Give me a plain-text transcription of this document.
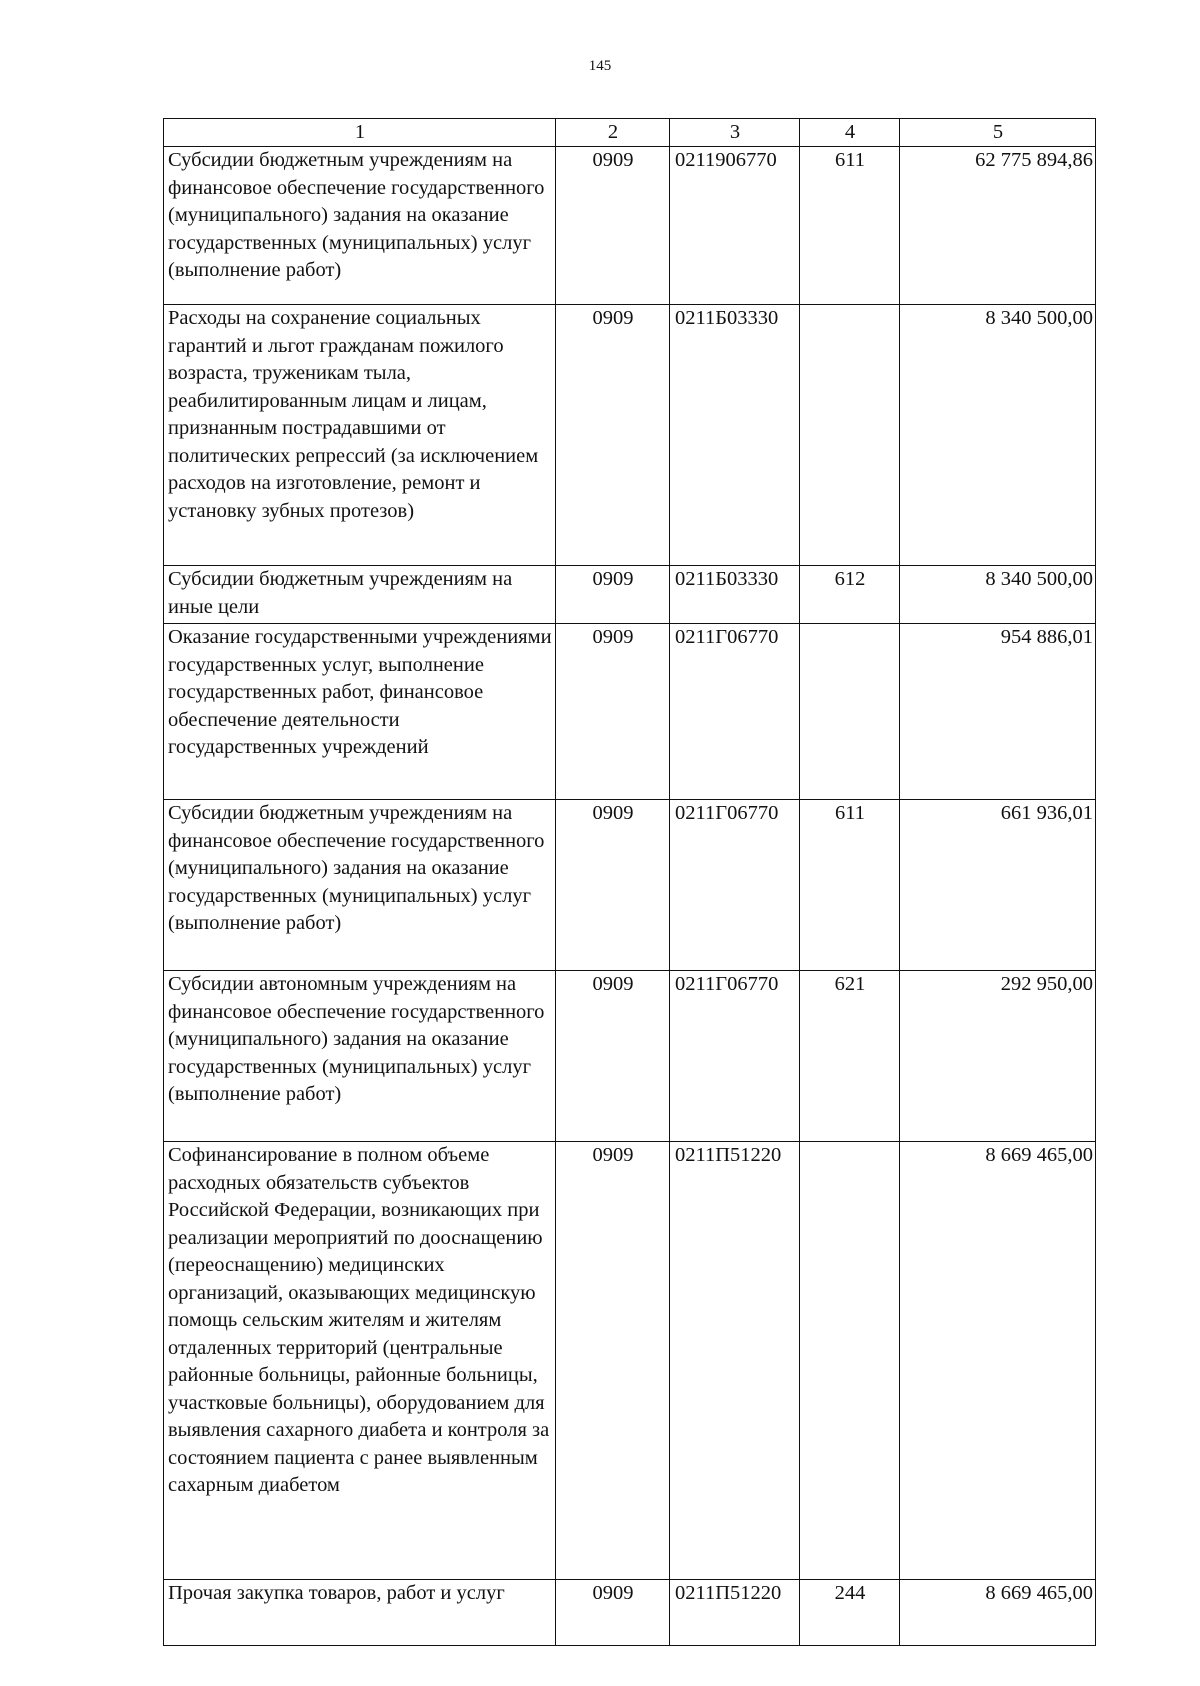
145
1	2	3	4	5
Субсидии бюджетным учреждениям на финансовое обеспечение государственного (муниципального) задания на оказание государственных (муниципальных) услуг (выполнение работ)	0909	0211906770	611	62 775 894,86
Расходы на сохранение социальных гарантий и льгот гражданам пожилого возраста, труженикам тыла, реабилитированным лицам и лицам, признанным пострадавшими от политических репрессий (за исключением расходов на изготовление, ремонт и установку зубных протезов)	0909	0211Б03330		8 340 500,00
Субсидии бюджетным учреждениям на иные цели	0909	0211Б03330	612	8 340 500,00
Оказание государственными учреждениями государственных услуг, выполнение государственных работ, финансовое обеспечение деятельности государственных учреждений	0909	0211Г06770		954 886,01
Субсидии бюджетным учреждениям на финансовое обеспечение государственного (муниципального) задания на оказание государственных (муниципальных) услуг (выполнение работ)	0909	0211Г06770	611	661 936,01
Субсидии автономным учреждениям на финансовое обеспечение государственного (муниципального) задания на оказание государственных (муниципальных) услуг (выполнение работ)	0909	0211Г06770	621	292 950,00
Софинансирование в полном объеме расходных обязательств субъектов Российской Федерации, возникающих при реализации мероприятий по дооснащению (переоснащению) медицинских организаций, оказывающих медицинскую помощь сельским жителям и жителям отдаленных территорий (центральные районные больницы, районные больницы, участковые больницы), оборудованием для выявления сахарного диабета и контроля за состоянием пациента с ранее выявленным сахарным диабетом	0909	0211П51220		8 669 465,00
Прочая закупка товаров, работ и услуг	0909	0211П51220	244	8 669 465,00
